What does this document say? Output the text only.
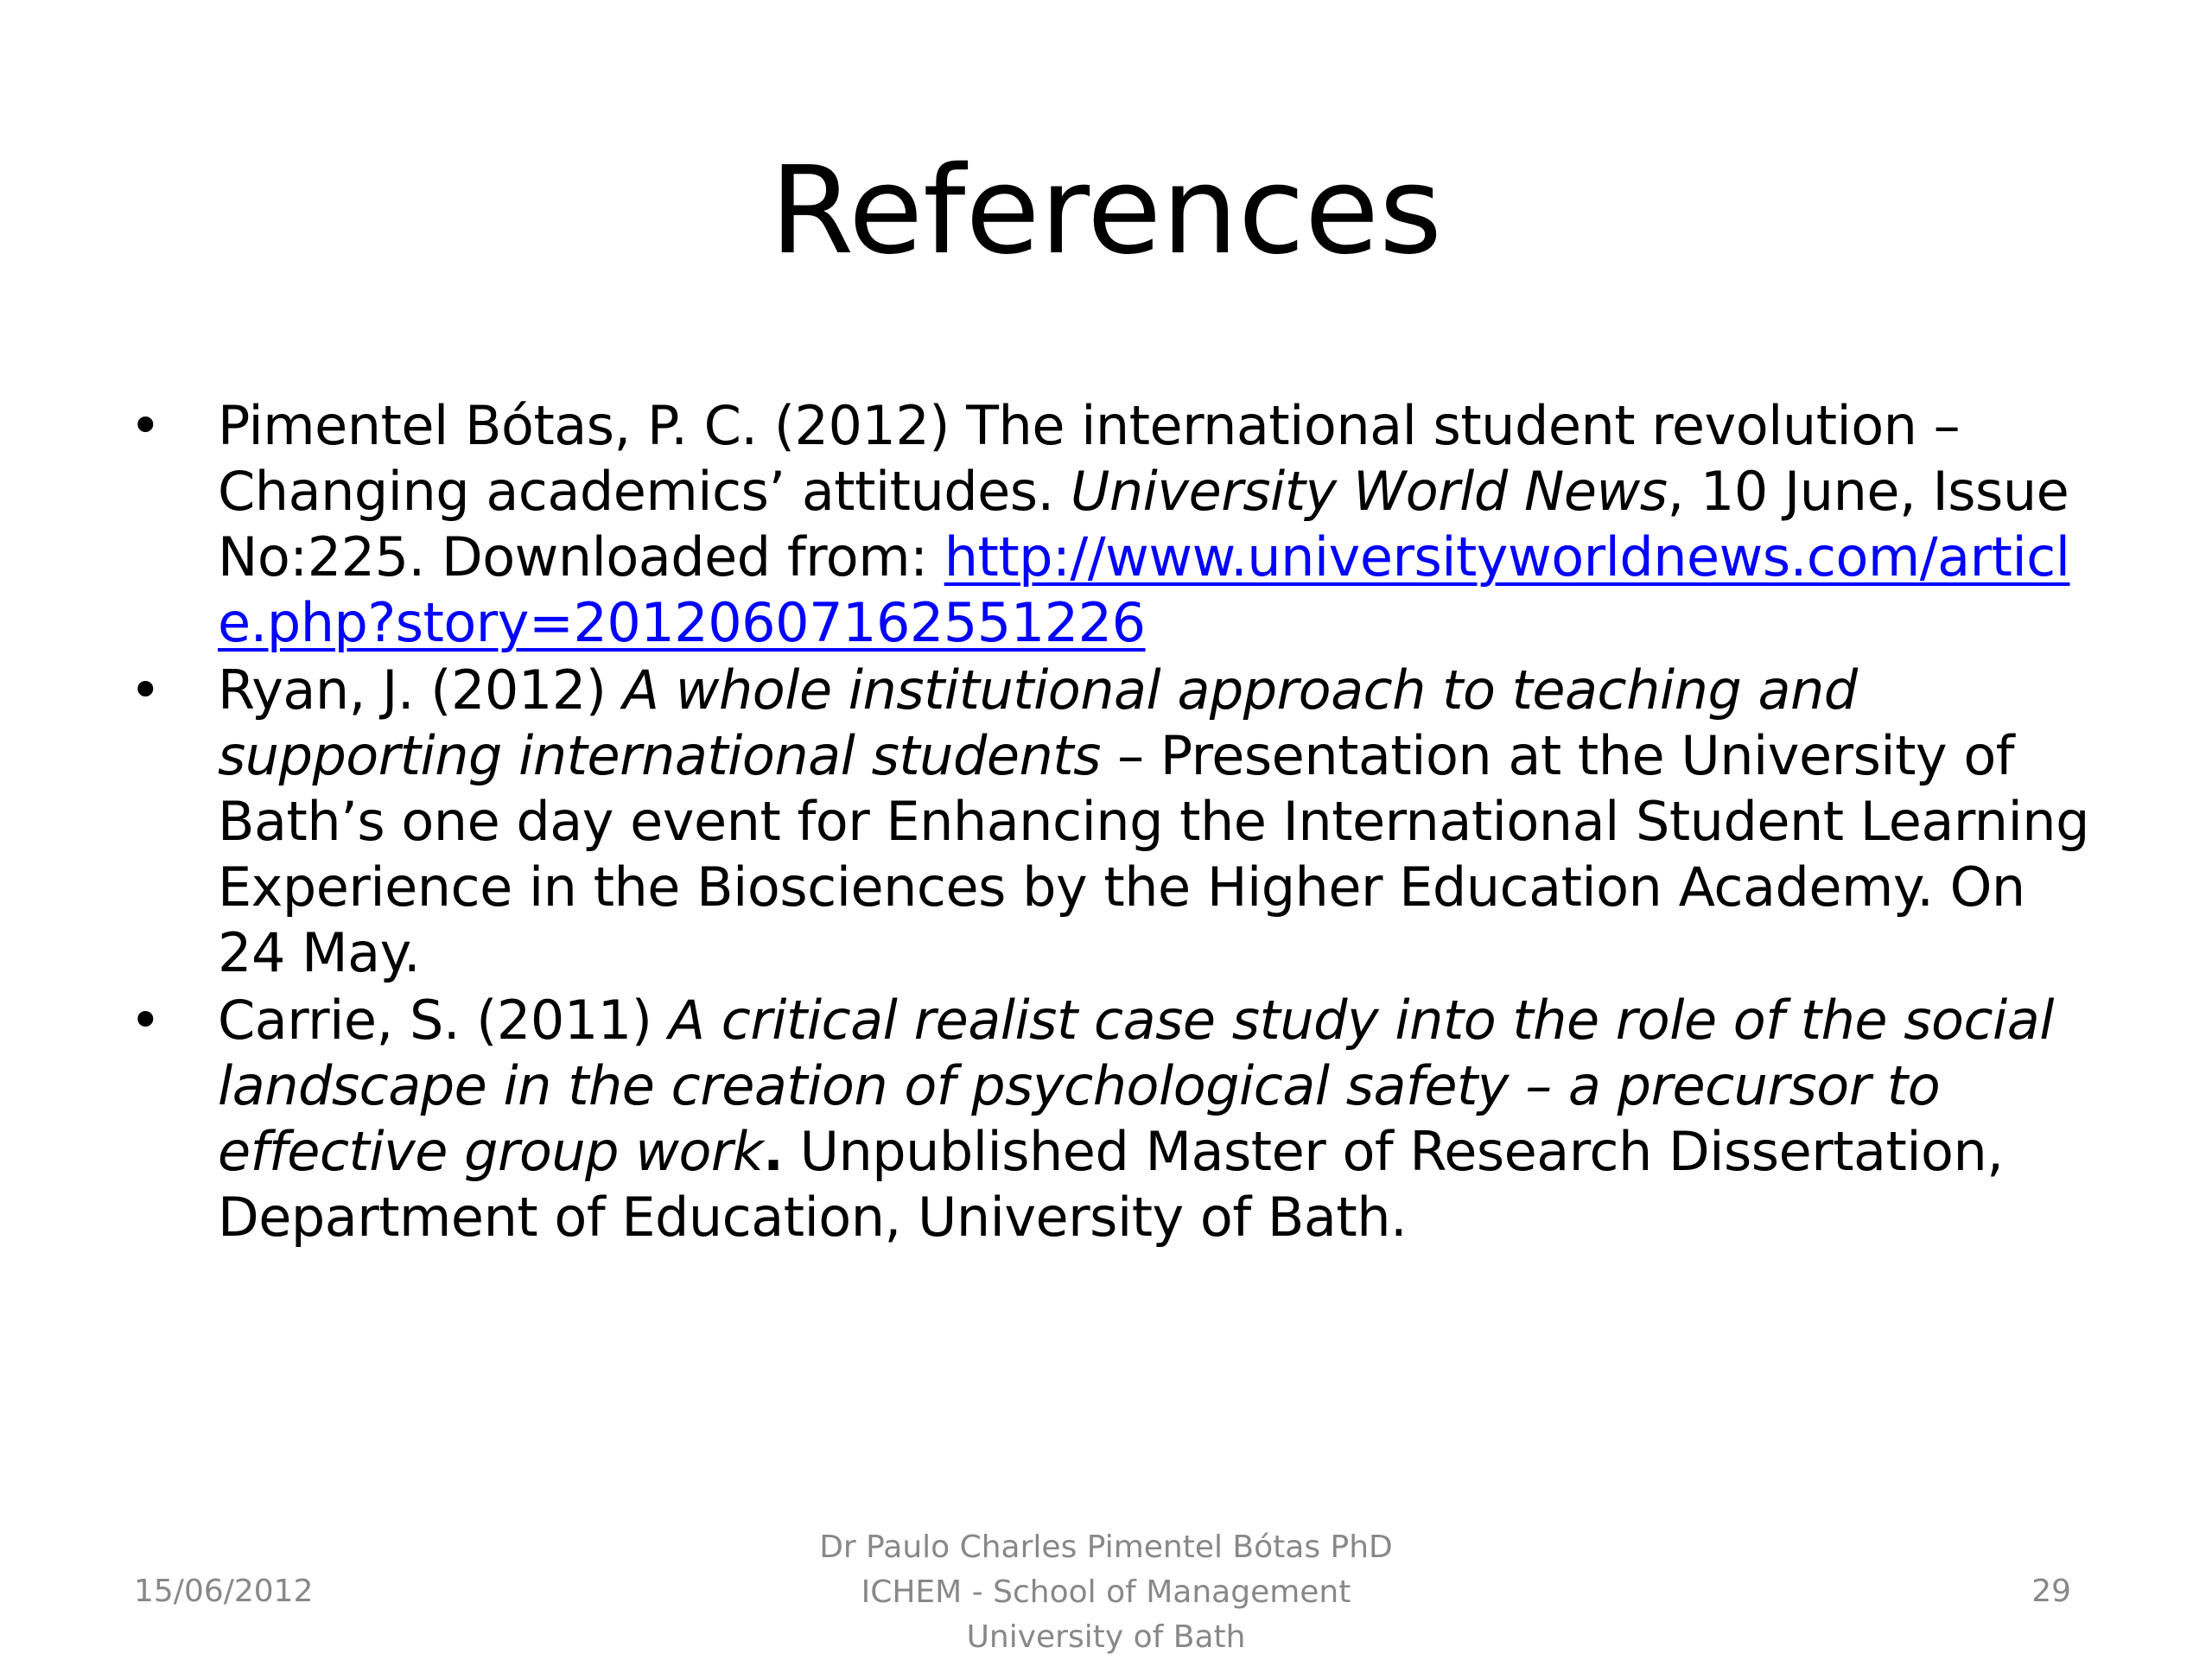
References
• Pimentel Bótas, P. C. (2012) The international student revolution – Changing academics’ attitudes. University World News, 10 June, Issue No:225. Downloaded from: http://www.universityworldnews.com/article.php?story=20120607162551226
• Ryan, J. (2012) A whole institutional approach to teaching and supporting international students – Presentation at the University of Bath’s one day event for Enhancing the International Student Learning Experience in the Biosciences by the Higher Education Academy. On 24 May.
• Carrie, S. (2011) A critical realist case study into the role of the social landscape in the creation of psychological safety – a precursor to effective group work. Unpublished Master of Research Dissertation, Department of Education, University of Bath.
15/06/2012
Dr Paulo Charles Pimentel Bótas PhD
ICHEM - School of Management
University of Bath
29
